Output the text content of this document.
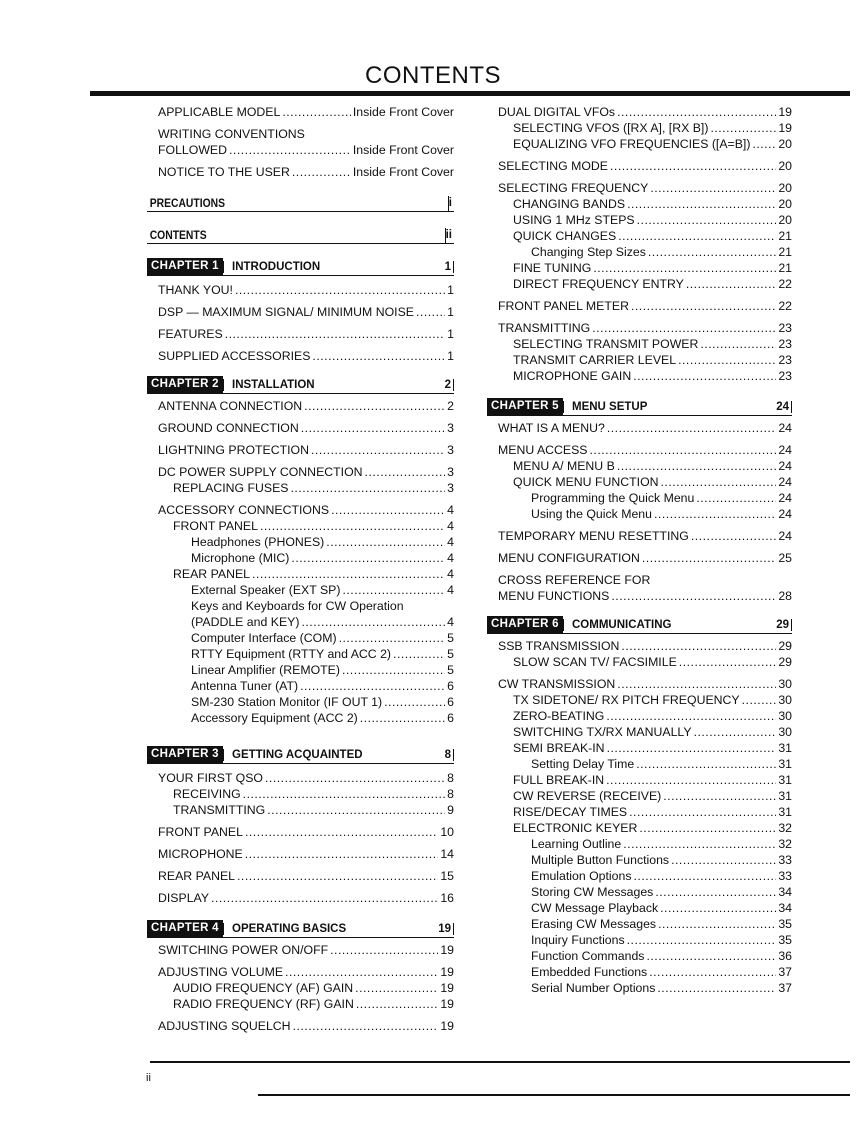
CONTENTS
APPLICABLE MODEL .....	Inside Front Cover
WRITING CONVENTIONS
FOLLOWED .....	Inside Front Cover
NOTICE TO THE USER .....	Inside Front Cover
PRECAUTIONS	i
CONTENTS	ii
CHAPTER 1	INTRODUCTION	1
THANK YOU! .....	1
DSP — MAXIMUM SIGNAL/ MINIMUM NOISE .....	1
FEATURES .....	1
SUPPLIED ACCESSORIES .....	1
CHAPTER 2	INSTALLATION	2
ANTENNA CONNECTION .....	2
GROUND CONNECTION .....	3
LIGHTNING PROTECTION .....	3
DC POWER SUPPLY CONNECTION .....	3
REPLACING FUSES .....	3
ACCESSORY CONNECTIONS .....	4
FRONT PANEL .....	4
Headphones (PHONES) .....	4
Microphone (MIC) .....	4
REAR PANEL .....	4
External Speaker (EXT SP) .....	4
Keys and Keyboards for CW Operation
(PADDLE and KEY) .....	4
Computer Interface (COM) .....	5
RTTY Equipment (RTTY and ACC 2) .....	5
Linear Amplifier (REMOTE) .....	5
Antenna Tuner (AT) .....	6
SM-230 Station Monitor (IF OUT 1) .....	6
Accessory Equipment (ACC 2) .....	6
CHAPTER 3	GETTING ACQUAINTED	8
YOUR FIRST QSO .....	8
RECEIVING .....	8
TRANSMITTING .....	9
FRONT PANEL .....	10
MICROPHONE .....	14
REAR PANEL .....	15
DISPLAY .....	16
CHAPTER 4	OPERATING BASICS	19
SWITCHING POWER ON/OFF .....	19
ADJUSTING VOLUME .....	19
AUDIO FREQUENCY (AF) GAIN .....	19
RADIO FREQUENCY (RF) GAIN .....	19
ADJUSTING SQUELCH .....	19
DUAL DIGITAL VFOs .....	19
SELECTING VFOS ([RX A], [RX B]) .....	19
EQUALIZING VFO FREQUENCIES ([A=B]) ..... 20
SELECTING MODE .....	20
SELECTING FREQUENCY .....	20
CHANGING BANDS .....	20
USING 1 MHz STEPS .....	20
QUICK CHANGES .....	21
Changing Step Sizes .....	21
FINE TUNING .....	21
DIRECT FREQUENCY ENTRY .....	22
FRONT PANEL METER .....	22
TRANSMITTING .....	23
SELECTING TRANSMIT POWER .....	23
TRANSMIT CARRIER LEVEL .....	23
MICROPHONE GAIN .....	23
CHAPTER 5	MENU SETUP	24
WHAT IS A MENU? .....	24
MENU ACCESS .....	24
MENU A/ MENU B .....	24
QUICK MENU FUNCTION .....	24
Programming the Quick Menu .....	24
Using the Quick Menu .....	24
TEMPORARY MENU RESETTING .....	24
MENU CONFIGURATION .....	25
CROSS REFERENCE FOR
MENU FUNCTIONS .....	28
CHAPTER 6	COMMUNICATING	29
SSB TRANSMISSION .....	29
SLOW SCAN TV/ FACSIMILE .....	29
CW TRANSMISSION .....	30
TX SIDETONE/ RX PITCH FREQUENCY .....	30
ZERO-BEATING .....	30
SWITCHING TX/RX MANUALLY .....	30
SEMI BREAK-IN .....	31
Setting Delay Time .....	31
FULL BREAK-IN .....	31
CW REVERSE (RECEIVE) .....	31
RISE/DECAY TIMES .....	31
ELECTRONIC KEYER .....	32
Learning Outline .....	32
Multiple Button Functions .....	33
Emulation Options .....	33
Storing CW Messages .....	34
CW Message Playback .....	34
Erasing CW Messages .....	35
Inquiry Functions .....	35
Function Commands .....	36
Embedded Functions .....	37
Serial Number Options .....	37
ii
